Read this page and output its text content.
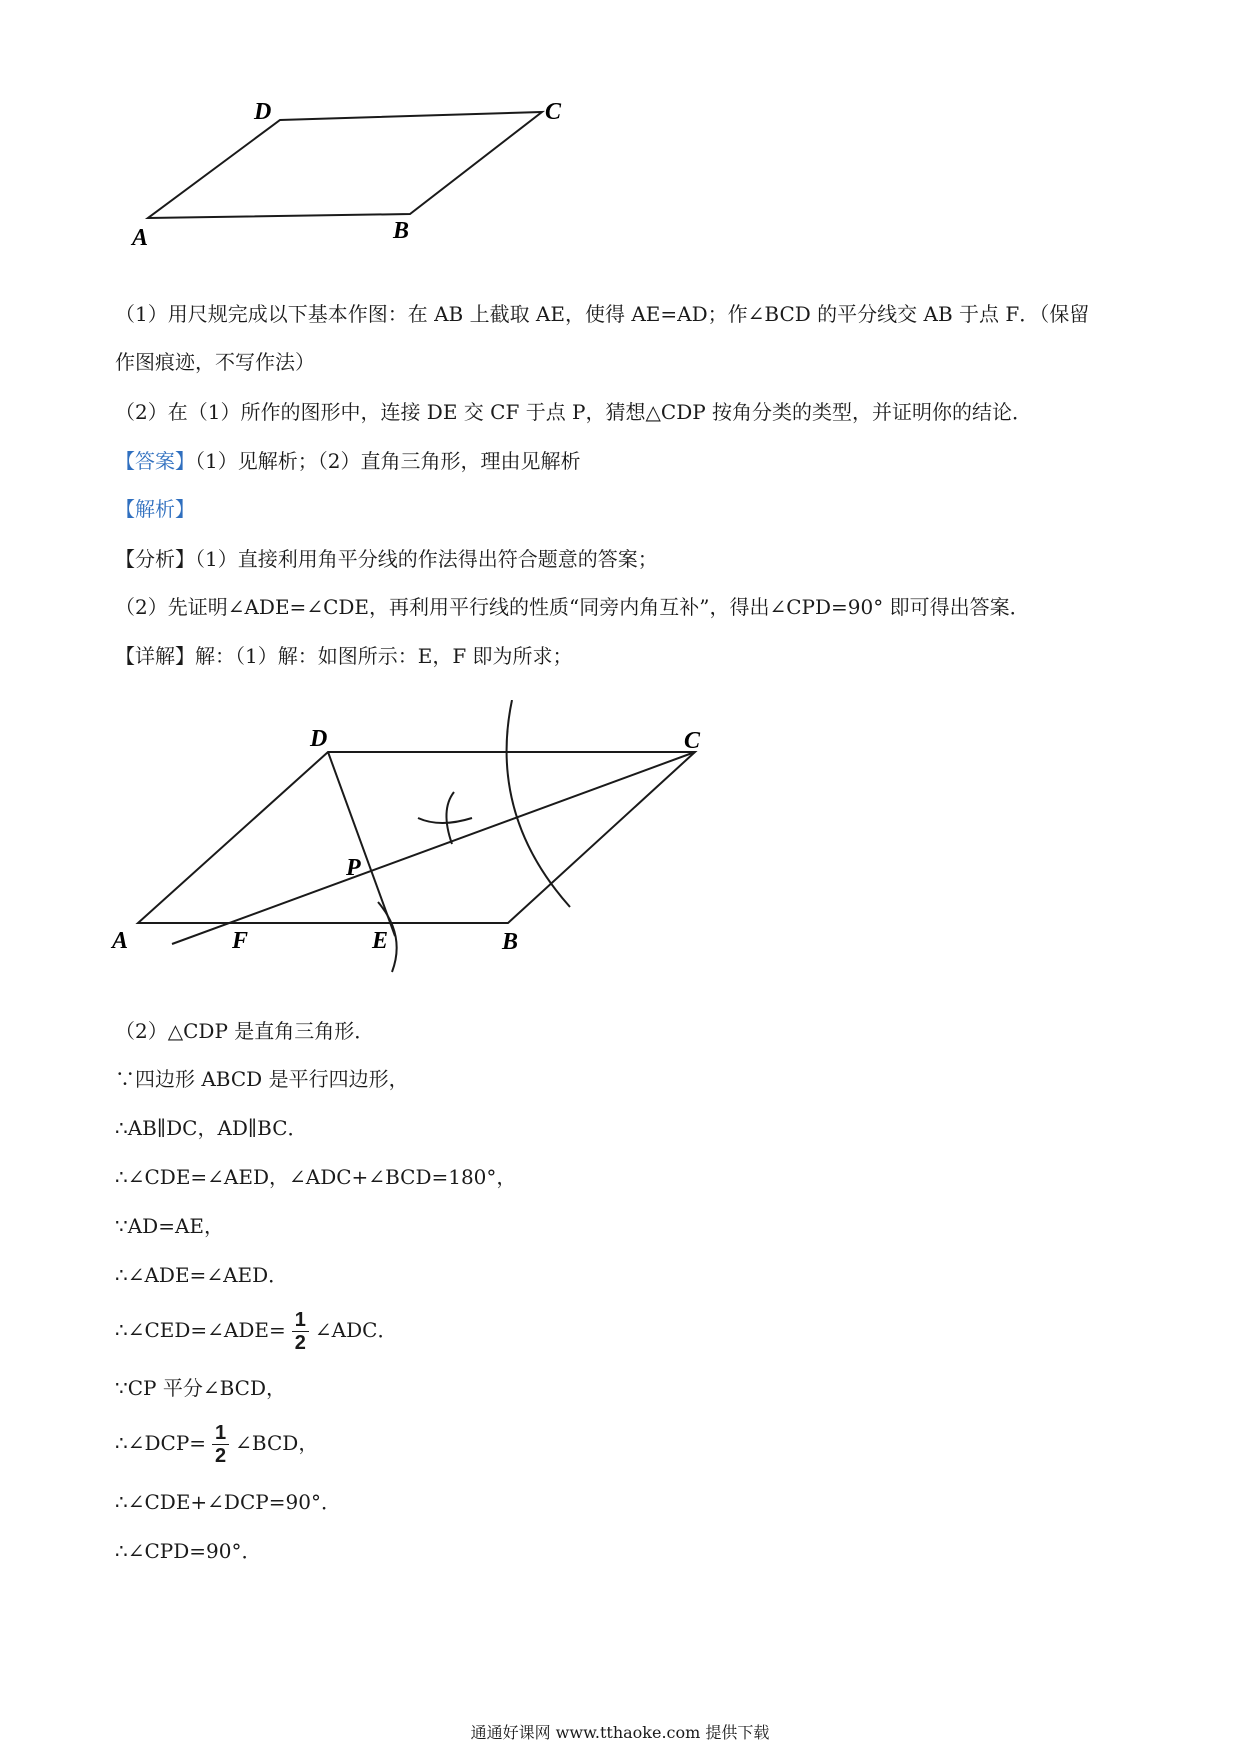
D	C
A	B
（1）用尺规完成以下基本作图：在 AB 上截取 AE，使得 AE=AD；作∠BCD 的平分线交 AB 于点 F．（保留
作图痕迹，不写作法）
（2）在（1）所作的图形中，连接 DE 交 CF 于点 P，猜想△CDP 按角分类的类型，并证明你的结论．
【答案】（1）见解析；（2）直角三角形，理由见解析
【解析】
【分析】（1）直接利用角平分线的作法得出符合题意的答案；
（2）先证明∠ADE=∠CDE，再利用平行线的性质“同旁内角互补”，得出∠CPD=90° 即可得出答案．
【详解】解：（1）解：如图所示：E，F 即为所求；
D	C
A	F	E	B
P
（2）△CDP 是直角三角形．
∵四边形 ABCD 是平行四边形，
∴AB∥DC，AD∥BC．
∴∠CDE=∠AED，∠ADC+∠BCD=180°，
∵AD=AE，
∴∠ADE=∠AED．
∴∠CED=∠ADE= $\frac{1}{2}$ ∠ADC．
∵CP 平分∠BCD，
∴∠DCP= $\frac{1}{2}$ ∠BCD，
∴∠CDE+∠DCP=90°．
∴∠CPD=90°．
通通好课网 www.tthaoke.com 提供下载
